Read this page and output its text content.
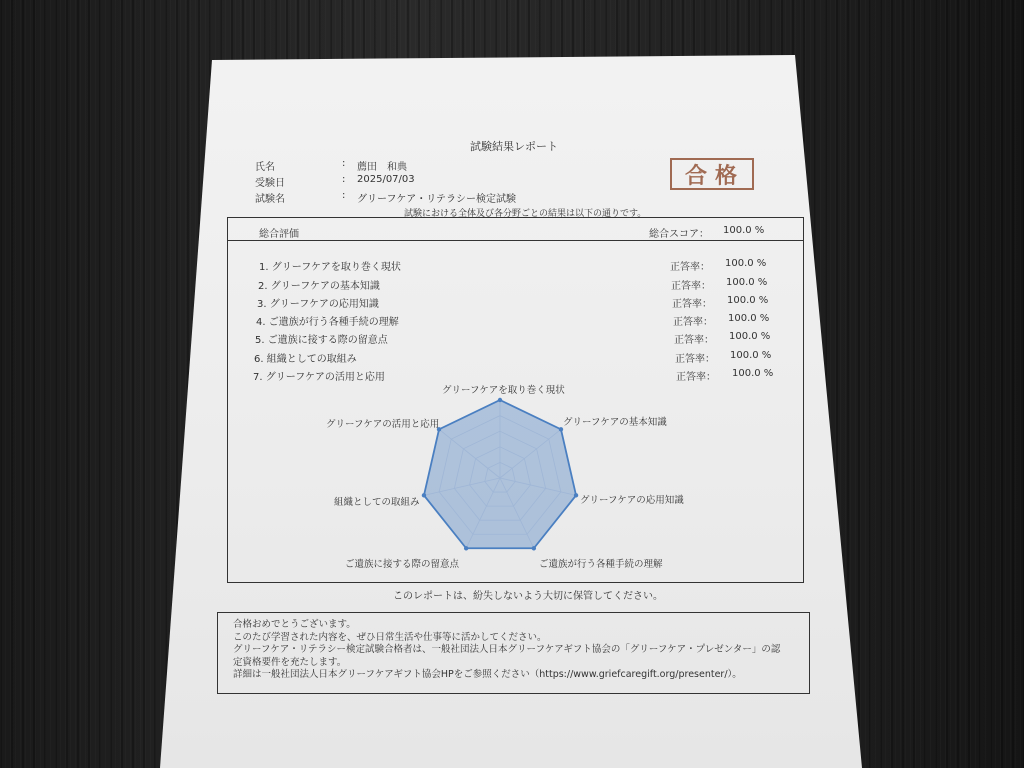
試験結果レポート
氏名	: 薦田　和典
受験日	: 2025/07/03
試験名	: グリーフケア・リテラシー検定試験
合格
試験における全体及び各分野ごとの結果は以下の通りです。
総合評価	総合スコア： 100.0 %
1. グリーフケアを取り巻く現状	正答率： 100.0 %
2. グリーフケアの基本知識	正答率： 100.0 %
3. グリーフケアの応用知識	正答率： 100.0 %
4. ご遺族が行う各種手続の理解	正答率： 100.0 %
5. ご遺族に接する際の留意点	正答率： 100.0 %
6. 組織としての取組み	正答率： 100.0 %
7. グリーフケアの活用と応用	正答率： 100.0 %
グリーフケアを取り巻く現状
グリーフケアの基本知識
グリーフケアの応用知識
ご遺族が行う各種手続の理解
ご遺族に接する際の留意点
組織としての取組み
グリーフケアの活用と応用
このレポートは、紛失しないよう大切に保管してください。
合格おめでとうございます。
このたび学習された内容を、ぜひ日常生活や仕事等に活かしてください。
グリーフケア・リテラシー検定試験合格者は、一般社団法人日本グリーフケアギフト協会の「グリーフケア・プレゼンター」の認
定資格要件を充たします。
詳細は一般社団法人日本グリーフケアギフト協会HPをご参照ください（https://www.griefcaregift.org/presenter/）。
